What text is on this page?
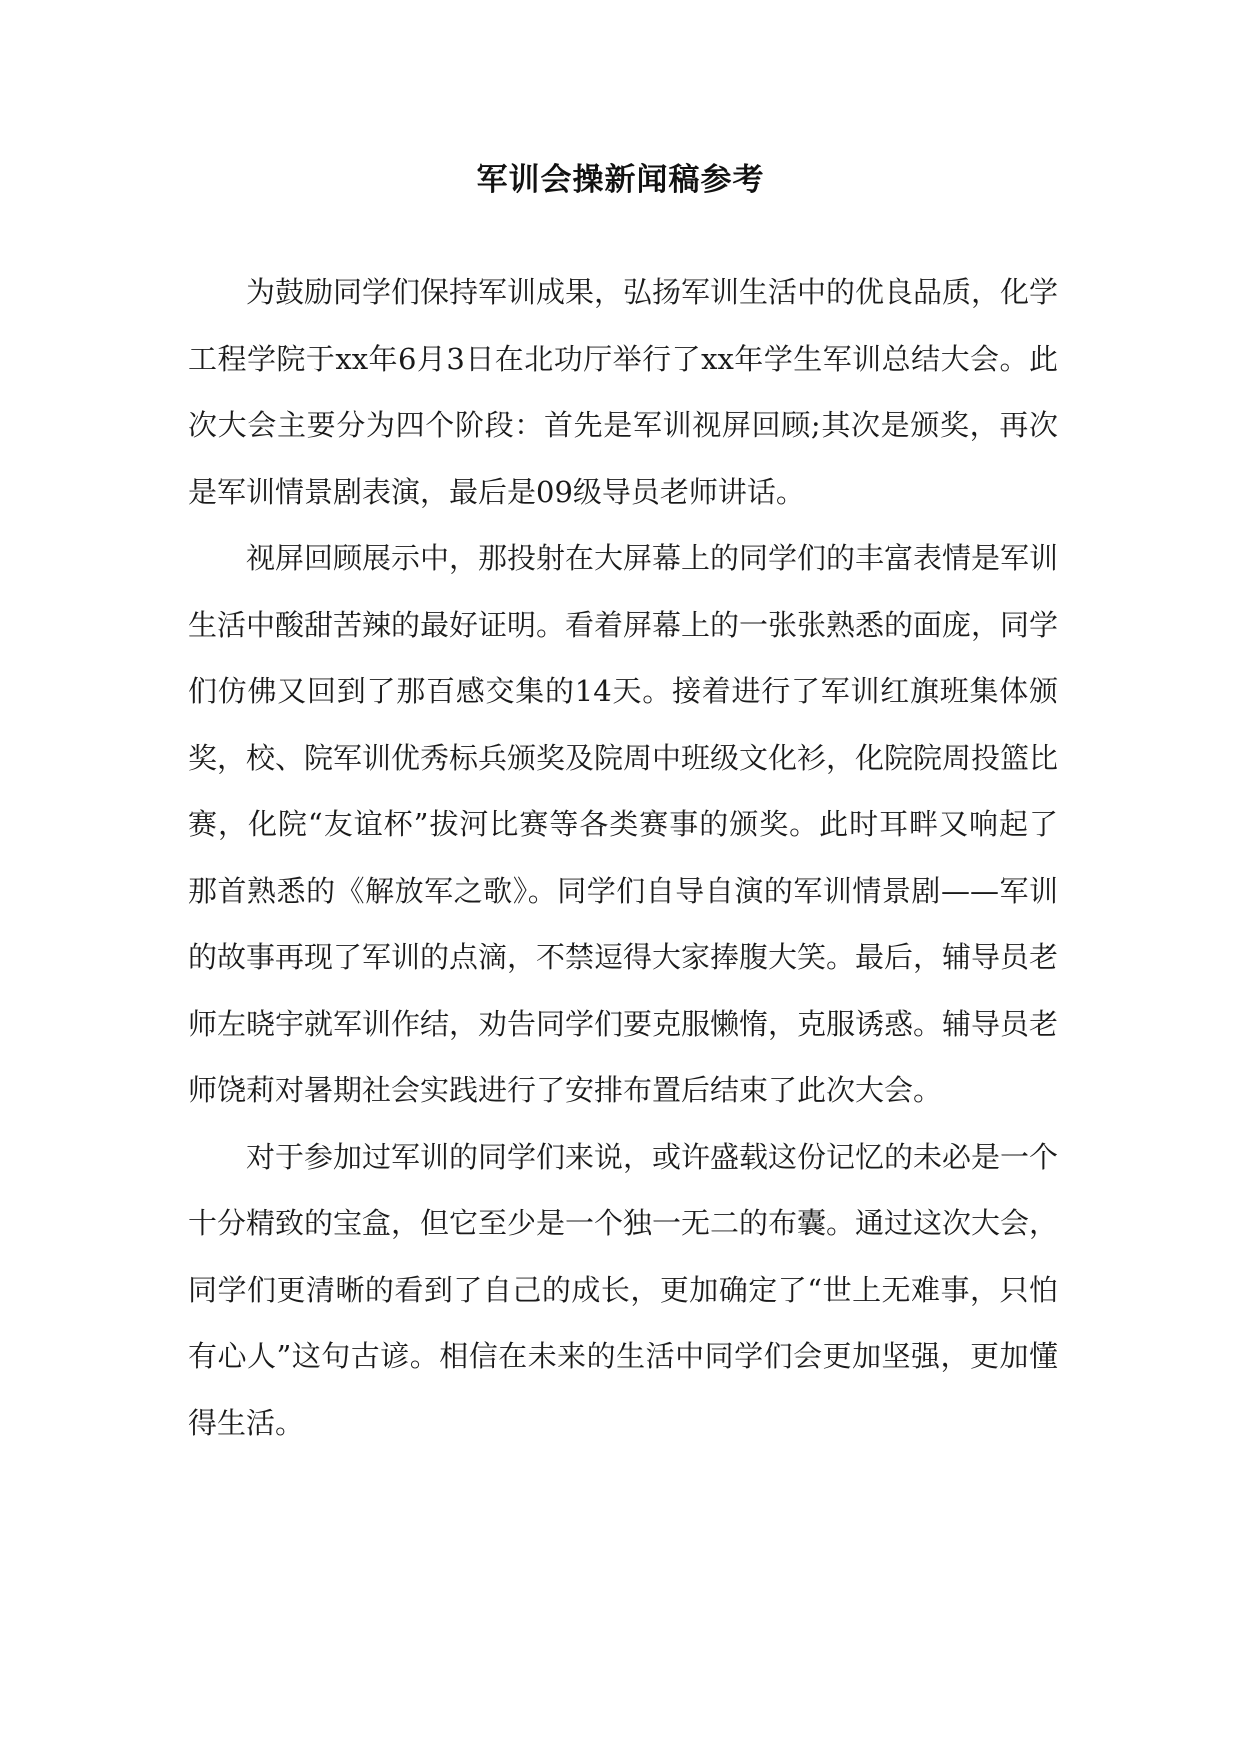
军训会操新闻稿参考

为鼓励同学们保持军训成果，弘扬军训生活中的优良品质，化学工程学院于xx年6月3日在北功厅举行了xx年学生军训总结大会。此次大会主要分为四个阶段：首先是军训视屏回顾;其次是颁奖，再次是军训情景剧表演，最后是09级导员老师讲话。

视屏回顾展示中，那投射在大屏幕上的同学们的丰富表情是军训生活中酸甜苦辣的最好证明。看着屏幕上的一张张熟悉的面庞，同学们仿佛又回到了那百感交集的14天。接着进行了军训红旗班集体颁奖，校、院军训优秀标兵颁奖及院周中班级文化衫，化院院周投篮比赛，化院“友谊杯”拔河比赛等各类赛事的颁奖。此时耳畔又响起了那首熟悉的《解放军之歌》。同学们自导自演的军训情景剧——军训的故事再现了军训的点滴，不禁逗得大家捧腹大笑。最后，辅导员老师左晓宇就军训作结，劝告同学们要克服懒惰，克服诱惑。辅导员老师饶莉对暑期社会实践进行了安排布置后结束了此次大会。

对于参加过军训的同学们来说，或许盛载这份记忆的未必是一个十分精致的宝盒，但它至少是一个独一无二的布囊。通过这次大会，同学们更清晰的看到了自己的成长，更加确定了“世上无难事，只怕有心人”这句古谚。相信在未来的生活中同学们会更加坚强，更加懂得生活。
